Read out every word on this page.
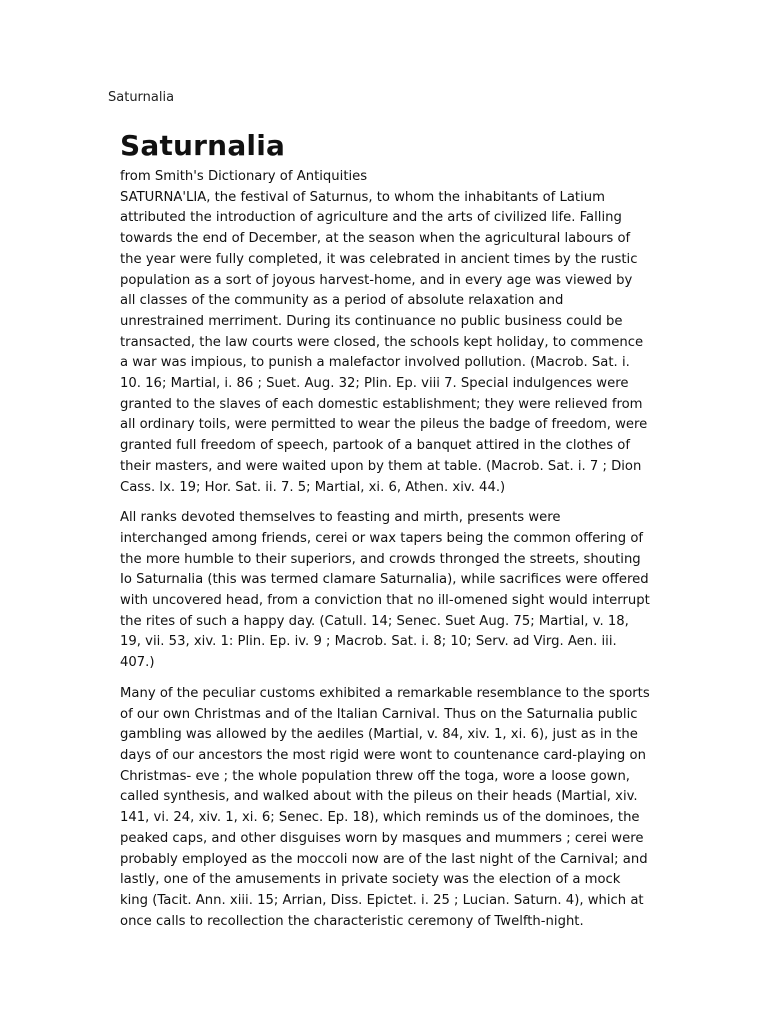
Saturnalia
Saturnalia
from Smith's Dictionary of Antiquities

SATURNA'LIA, the festival of Saturnus, to whom the inhabitants of Latium attributed the introduction of agriculture and the arts of civilized life. Falling towards the end of December, at the season when the agricultural labours of the year were fully completed, it was celebrated in ancient times by the rustic population as a sort of joyous harvest-home, and in every age was viewed by all classes of the community as a period of absolute relaxation and unrestrained merriment. During its continuance no public business could be transacted, the law courts were closed, the schools kept holiday, to commence a war was impious, to punish a malefactor involved pollution. (Macrob. Sat. i. 10. 16; Martial, i. 86 ; Suet. Aug. 32; Plin. Ep. viii 7. Special indulgences were granted to the slaves of each domestic establishment; they were relieved from all ordinary toils, were permitted to wear the pileus the badge of freedom, were granted full freedom of speech, partook of a banquet attired in the clothes of their masters, and were waited upon by them at table. (Macrob. Sat. i. 7 ; Dion Cass. lx. 19; Hor. Sat. ii. 7. 5; Martial, xi. 6, Athen. xiv. 44.)

All ranks devoted themselves to feasting and mirth, presents were interchanged among friends, cerei or wax tapers being the common offering of the more humble to their superiors, and crowds thronged the streets, shouting Io Saturnalia (this was termed clamare Saturnalia), while sacrifices were offered with uncovered head, from a conviction that no ill-omened sight would interrupt the rites of such a happy day. (Catull. 14; Senec. Suet Aug. 75; Martial, v. 18, 19, vii. 53, xiv. 1: Plin. Ep. iv. 9 ; Macrob. Sat. i. 8; 10; Serv. ad Virg. Aen. iii. 407.)

Many of the peculiar customs exhibited a remarkable resemblance to the sports of our own Christmas and of the Italian Carnival. Thus on the Saturnalia public gambling was allowed by the aediles (Martial, v. 84, xiv. 1, xi. 6), just as in the days of our ancestors the most rigid were wont to countenance card-playing on Christmas- eve ; the whole population threw off the toga, wore a loose gown, called synthesis, and walked about with the pileus on their heads (Martial, xiv. 141, vi. 24, xiv. 1, xi. 6; Senec. Ep. 18), which reminds us of the dominoes, the peaked caps, and other disguises worn by masques and mummers ; cerei were probably employed as the moccoli now are of the last night of the Carnival; and lastly, one of the amusements in private society was the election of a mock king (Tacit. Ann. xiii. 15; Arrian, Diss. Epictet. i. 25 ; Lucian. Saturn. 4), which at once calls to recollection the characteristic ceremony of Twelfth-night.
